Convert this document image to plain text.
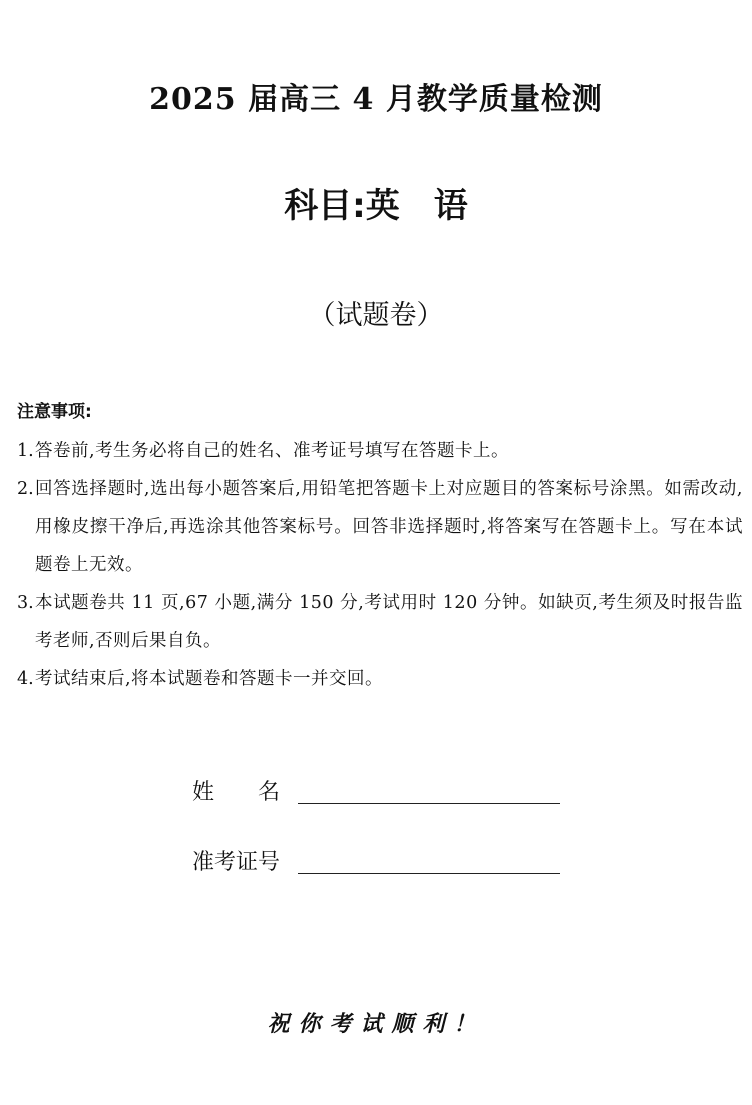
2025 届高三 4 月教学质量检测
科目:英　语
（试题卷）
注意事项:
1. 答卷前,考生务必将自己的姓名、准考证号填写在答题卡上。
2. 回答选择题时,选出每小题答案后,用铅笔把答题卡上对应题目的答案标号涂黑。如需改动,用橡皮擦干净后,再选涂其他答案标号。回答非选择题时,将答案写在答题卡上。写在本试题卷上无效。
3. 本试题卷共 11 页,67 小题,满分 150 分,考试用时 120 分钟。如缺页,考生须及时报告监考老师,否则后果自负。
4. 考试结束后,将本试题卷和答题卡一并交回。
姓　　名
准考证号
祝你考试顺利！
